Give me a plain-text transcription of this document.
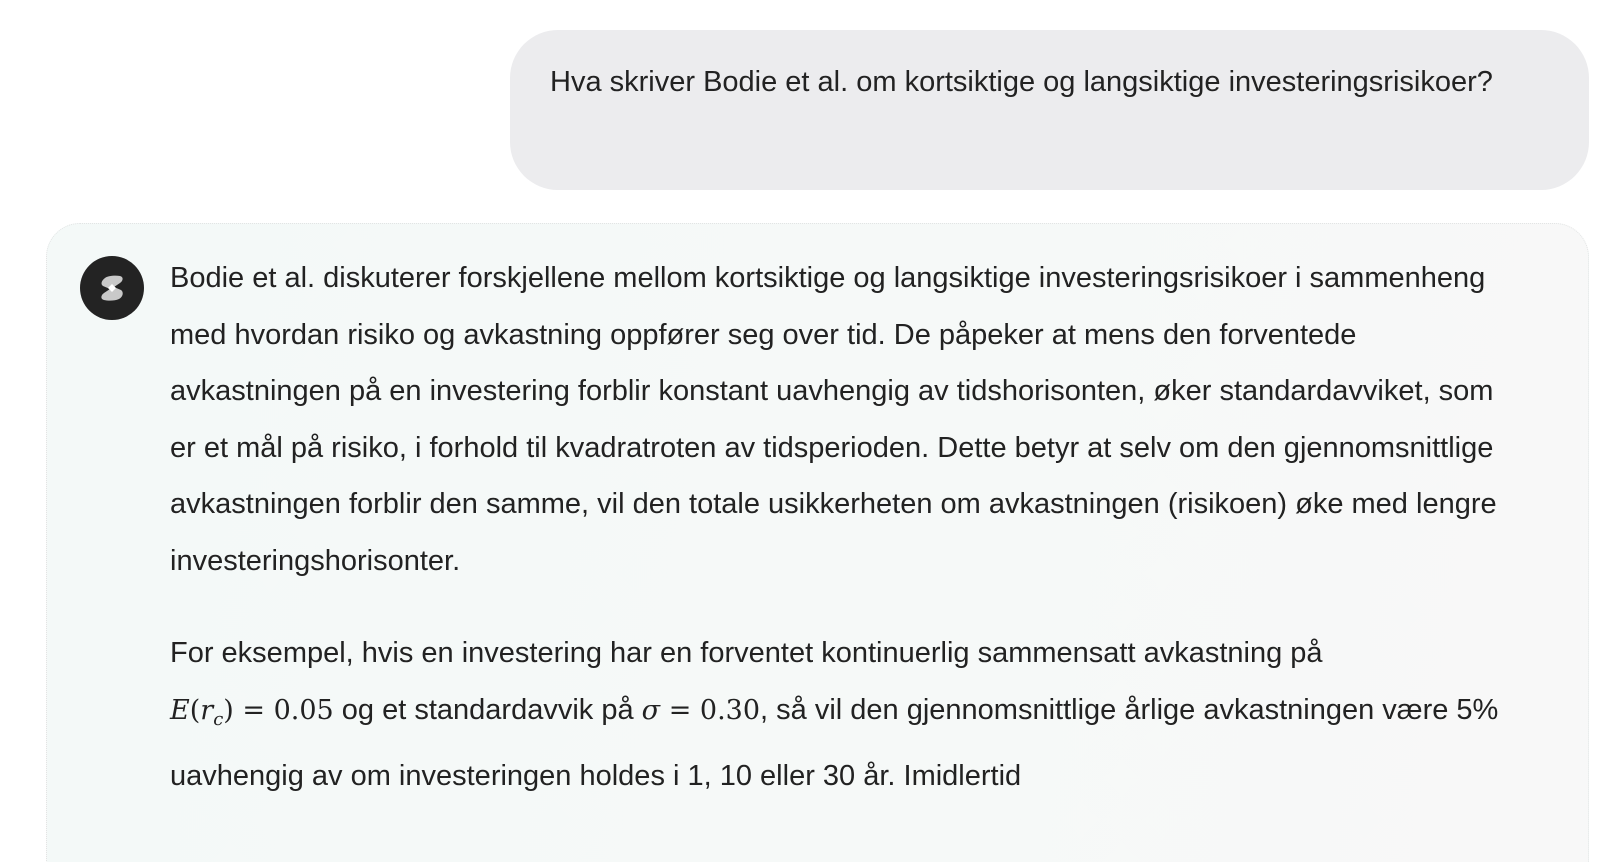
Hva skriver Bodie et al. om kortsiktige og langsiktige investeringsrisikoer?

Bodie et al. diskuterer forskjellene mellom kortsiktige og langsiktige investeringsrisikoer i sammenheng med hvordan risiko og avkastning oppfører seg over tid. De påpeker at mens den forventede avkastningen på en investering forblir konstant uavhengig av tidshorisonten, øker standardavviket, som er et mål på risiko, i forhold til kvadratroten av tidsperioden. Dette betyr at selv om den gjennomsnittlige avkastningen forblir den samme, vil den totale usikkerheten om avkastningen (risikoen) øke med lengre investeringshorisonter.

For eksempel, hvis en investering har en forventet kontinuerlig sammensatt avkastning på
$E(r_c) = 0.05$ og et standardavvik på σ = 0.30, så vil den gjennomsnittlige årlige avkastningen være 5% uavhengig av om investeringen holdes i 1, 10 eller 30 år. Imidlertid
